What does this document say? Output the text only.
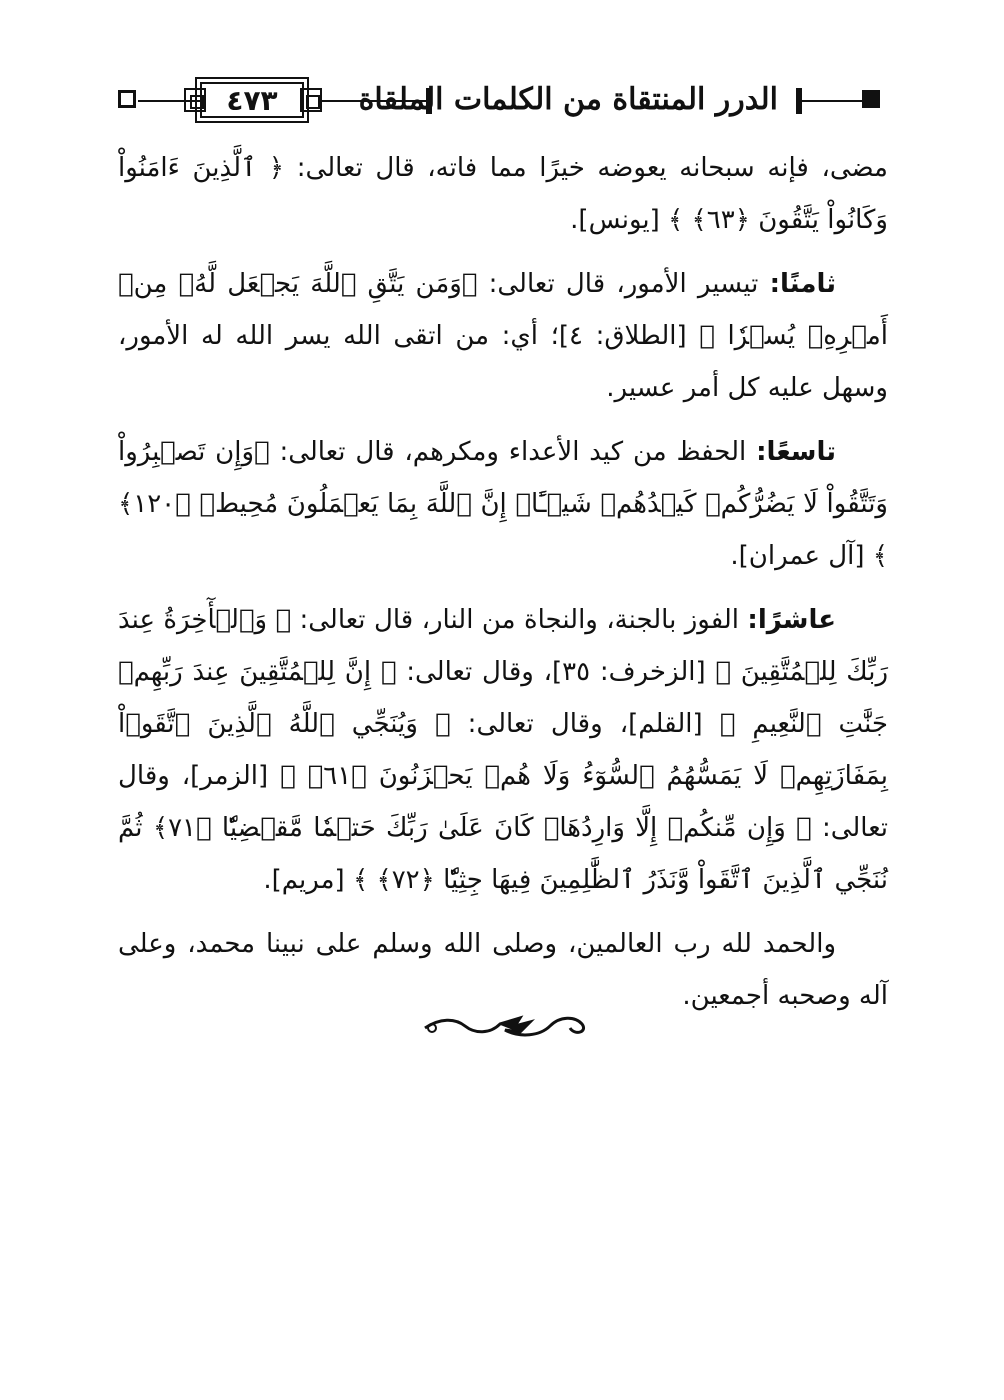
٤٧٣	الدرر المنتقاة من الكلمات الملقاة

مضى، فإنه سبحانه يعوضه خيرًا مما فاته، قال تعالى: ﴿ ٱلَّذِينَ ءَامَنُواْ وَكَانُواْ يَتَّقُونَ ﴿٦٣﴾ ﴾ [يونس].

ثامنًا: تيسير الأمور، قال تعالى: ﴿وَمَن يَتَّقِ ٱللَّهَ يَجۡعَل لَّهُۥ مِنۡ أَمۡرِهِۦ يُسۡرٗا ﴾ [الطلاق: ٤]؛ أي: من اتقى الله يسر الله له الأمور، وسهل عليه كل أمر عسير.

تاسعًا: الحفظ من كيد الأعداء ومكرهم، قال تعالى: ﴿وَإِن تَصۡبِرُواْ وَتَتَّقُواْ لَا يَضُرُّكُمۡ كَيۡدُهُمۡ شَيۡـًٔاۗ إِنَّ ٱللَّهَ بِمَا يَعۡمَلُونَ مُحِيطٞ ﴿١٢٠﴾ ﴾ [آل عمران].

عاشرًا: الفوز بالجنة، والنجاة من النار، قال تعالى: ﴿ وَٱلۡأٓخِرَةُ عِندَ رَبِّكَ لِلۡمُتَّقِينَ ﴾ [الزخرف: ٣٥]، وقال تعالى: ﴿ إِنَّ لِلۡمُتَّقِينَ عِندَ رَبِّهِمۡ جَنَّٰتِ ٱلنَّعِيمِ ﴾ [القلم]، وقال تعالى: ﴿ وَيُنَجِّي ٱللَّهُ ٱلَّذِينَ ٱتَّقَوۡاْ بِمَفَازَتِهِمۡ لَا يَمَسُّهُمُ ٱلسُّوٓءُ وَلَا هُمۡ يَحۡزَنُونَ ﴿٦١﴾ ﴾ [الزمر]، وقال تعالى: ﴿ وَإِن مِّنكُمۡ إِلَّا وَارِدُهَاۚ كَانَ عَلَىٰ رَبِّكَ حَتۡمٗا مَّقۡضِيّٗا ﴿٧١﴾ ثُمَّ نُنَجِّي ٱلَّذِينَ ٱتَّقَواْ وَّنَذَرُ ٱلظَّٰلِمِينَ فِيهَا جِثِيّٗا ﴿٧٢﴾ ﴾ [مريم].

والحمد لله رب العالمين، وصلى الله وسلم على نبينا محمد، وعلى آله وصحبه أجمعين.
